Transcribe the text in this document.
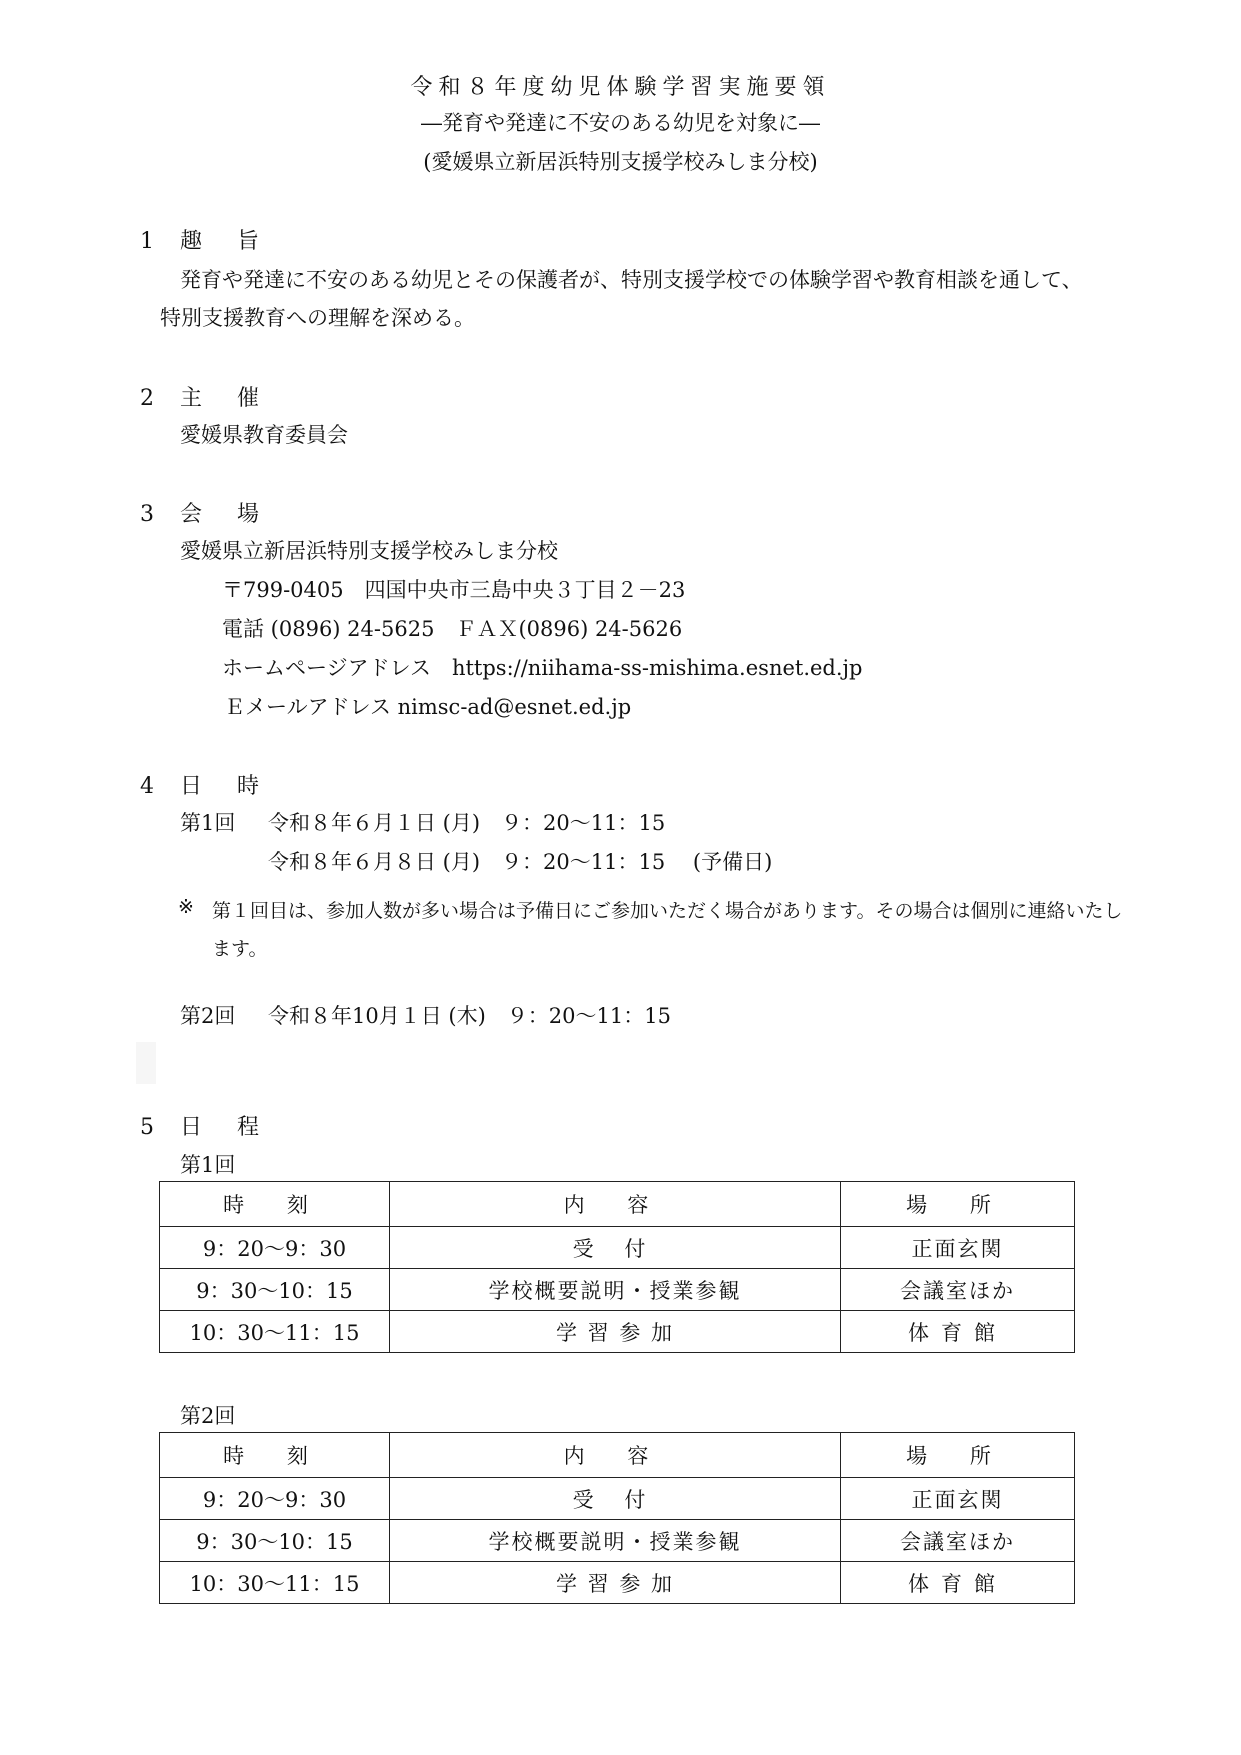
令和８年度幼児体験学習実施要領
―発育や発達に不安のある幼児を対象に―
(愛媛県立新居浜特別支援学校みしま分校)
1 趣 旨
発育や発達に不安のある幼児とその保護者が、特別支援学校での体験学習や教育相談を通して、
特別支援教育への理解を深める。
2 主 催
愛媛県教育委員会
3 会 場
愛媛県立新居浜特別支援学校みしま分校
〒799-0405　四国中央市三島中央３丁目２－23
電話 (0896) 24-5625　ＦＡＸ(0896) 24-5626
ホームページアドレス　https://niihama-ss-mishima.esnet.ed.jp
Ｅメールアドレス nimsc-ad@esnet.ed.jp
4 日 時
第1回 令和８年６月１日 (月)　９：20～11：15
令和８年６月８日 (月)　９：20～11：15　 (予備日)
※ 第１回目は、参加人数が多い場合は予備日にご参加いただく場合があります。その場合は個別に連絡いたし
ます。
第2回 令和８年10月１日 (木)　９：20～11：15
5 日 程
第1回
時 刻	内 容	場 所
9：20～9：30	受 付	正面玄関
9：30～10：15	学校概要説明・授業参観	会議室ほか
10：30～11：15	学 習 参 加	体育館
第2回
時 刻	内 容	場 所
9：20～9：30	受 付	正面玄関
9：30～10：15	学校概要説明・授業参観	会議室ほか
10：30～11：15	学 習 参 加	体育館
